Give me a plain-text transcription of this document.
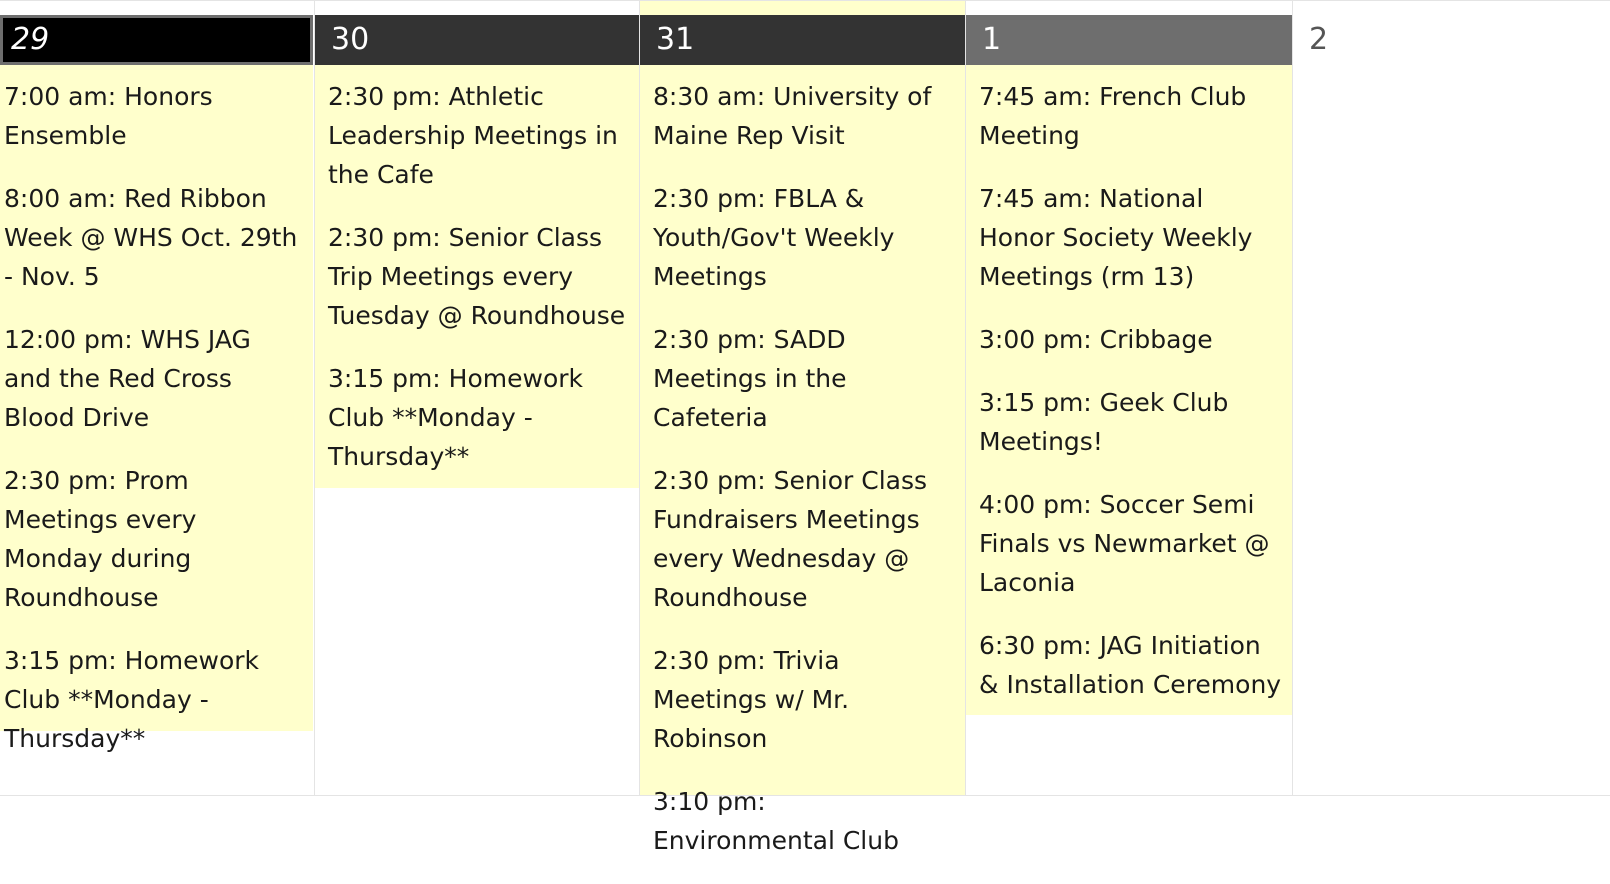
29
7:00 am: Honors Ensemble
8:00 am: Red Ribbon Week @ WHS Oct. 29th - Nov. 5
12:00 pm: WHS JAG and the Red Cross Blood Drive
2:30 pm: Prom Meetings every Monday during Roundhouse
3:15 pm: Homework Club **Monday - Thursday**
30
2:30 pm: Athletic Leadership Meetings in the Cafe
2:30 pm: Senior Class Trip Meetings every Tuesday @ Roundhouse
3:15 pm: Homework Club **Monday - Thursday**
31
8:30 am: University of Maine Rep Visit
2:30 pm: FBLA & Youth/Gov't Weekly Meetings
2:30 pm: SADD Meetings in the Cafeteria
2:30 pm: Senior Class Fundraisers Meetings every Wednesday @ Roundhouse
2:30 pm: Trivia Meetings w/ Mr. Robinson
3:10 pm: Environmental Club
1
7:45 am: French Club Meeting
7:45 am: National Honor Society Weekly Meetings (rm 13)
3:00 pm: Cribbage
3:15 pm: Geek Club Meetings!
4:00 pm: Soccer Semi Finals vs Newmarket @ Laconia
6:30 pm: JAG Initiation & Installation Ceremony
2
